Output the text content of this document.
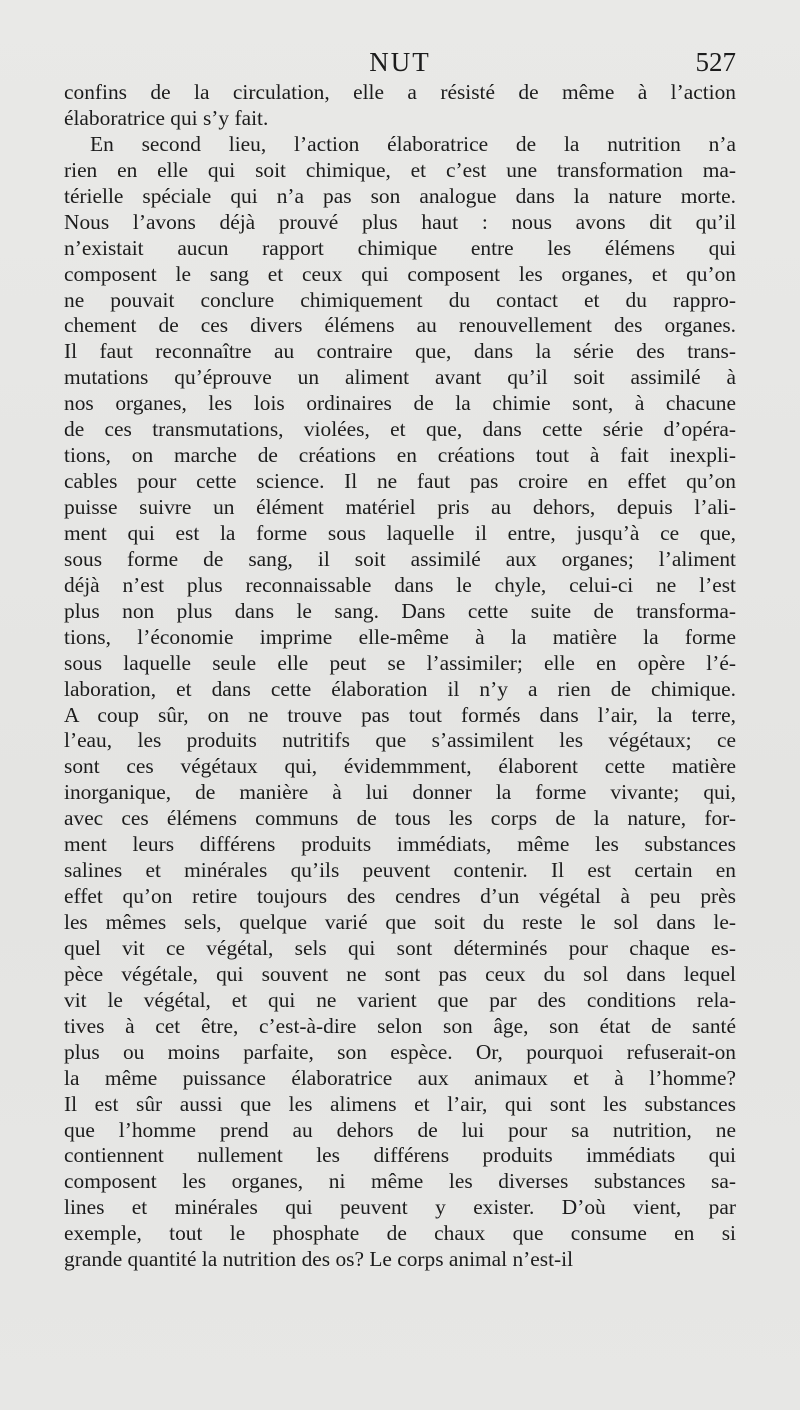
NUT	527
confins de la circulation, elle a résisté de même à l’action
élaboratrice qui s’y fait.
En second lieu, l’action élaboratrice de la nutrition n’a
rien en elle qui soit chimique, et c’est une transformation ma-
térielle spéciale qui n’a pas son analogue dans la nature morte.
Nous l’avons déjà prouvé plus haut : nous avons dit qu’il
n’existait aucun rapport chimique entre les élémens qui
composent le sang et ceux qui composent les organes, et qu’on
ne pouvait conclure chimiquement du contact et du rappro-
chement de ces divers élémens au renouvellement des organes.
Il faut reconnaître au contraire que, dans la série des trans-
mutations qu’éprouve un aliment avant qu’il soit assimilé à
nos organes, les lois ordinaires de la chimie sont, à chacune
de ces transmutations, violées, et que, dans cette série d’opéra-
tions, on marche de créations en créations tout à fait inexpli-
cables pour cette science. Il ne faut pas croire en effet qu’on
puisse suivre un élément matériel pris au dehors, depuis l’ali-
ment qui est la forme sous laquelle il entre, jusqu’à ce que,
sous forme de sang, il soit assimilé aux organes; l’aliment
déjà n’est plus reconnaissable dans le chyle, celui-ci ne l’est
plus non plus dans le sang. Dans cette suite de transforma-
tions, l’économie imprime elle-même à la matière la forme
sous laquelle seule elle peut se l’assimiler; elle en opère l’é-
laboration, et dans cette élaboration il n’y a rien de chimique.
A coup sûr, on ne trouve pas tout formés dans l’air, la terre,
l’eau, les produits nutritifs que s’assimilent les végétaux; ce
sont ces végétaux qui, évidemmment, élaborent cette matière
inorganique, de manière à lui donner la forme vivante; qui,
avec ces élémens communs de tous les corps de la nature, for-
ment leurs différens produits immédiats, même les substances
salines et minérales qu’ils peuvent contenir. Il est certain en
effet qu’on retire toujours des cendres d’un végétal à peu près
les mêmes sels, quelque varié que soit du reste le sol dans le-
quel vit ce végétal, sels qui sont déterminés pour chaque es-
pèce végétale, qui souvent ne sont pas ceux du sol dans lequel
vit le végétal, et qui ne varient que par des conditions rela-
tives à cet être, c’est-à-dire selon son âge, son état de santé
plus ou moins parfaite, son espèce. Or, pourquoi refuserait-on
la même puissance élaboratrice aux animaux et à l’homme?
Il est sûr aussi que les alimens et l’air, qui sont les substances
que l’homme prend au dehors de lui pour sa nutrition, ne
contiennent nullement les différens produits immédiats qui
composent les organes, ni même les diverses substances sa-
lines et minérales qui peuvent y exister. D’où vient, par
exemple, tout le phosphate de chaux que consume en si
grande quantité la nutrition des os? Le corps animal n’est-il
